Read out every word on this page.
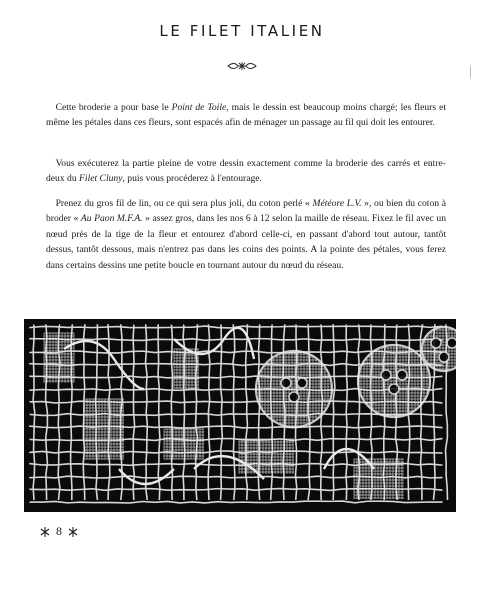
LE FILET ITALIEN

 Cette broderie a pour base le Point de Toile, mais le dessin est beaucoup moins chargé; les fleurs et même les pétales dans ces fleurs, sont espacés afin de ménager un passage au fil qui doit les entourer.

 Vous exécuterez la partie pleine de votre dessin exactement comme la broderie des carrés et entre-deux du Filet Cluny, puis vous procéderez à l'entourage.

 Prenez du gros fil de lin, ou ce qui sera plus joli, du coton perlé « Météore L.V. », ou bien du coton à broder « Au Paon M.F.A. » assez gros, dans les nos 6 à 12 selon la maille de réseau. Fixez le fil avec un nœud près de la tige de la fleur et entourez d'abord celle-ci, en passant d'abord tout autour, tantôt dessus, tantôt dessous, mais n'entrez pas dans les coins des points. A la pointe des pétales, vous ferez dans certains dessins une petite boucle en tournant autour du nœud du réseau.

8
